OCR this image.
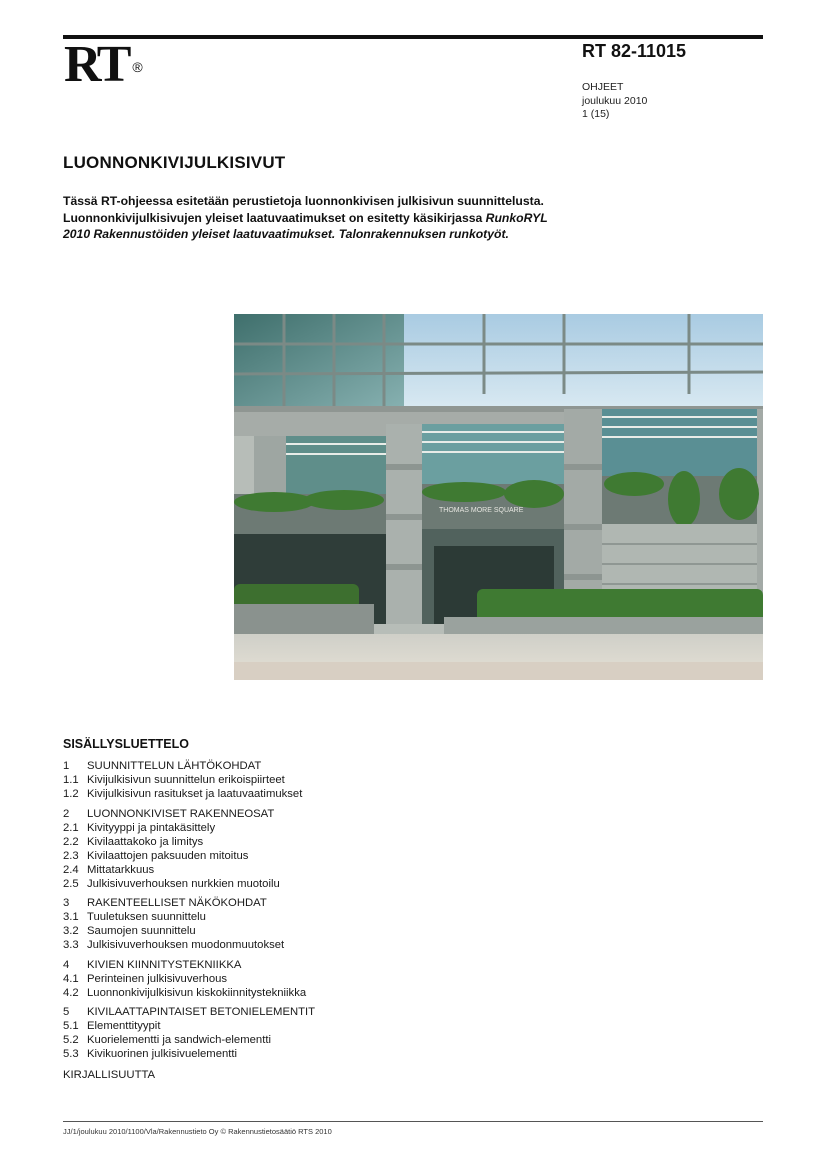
RT ®
RT 82-11015
OHJEET
joulukuu 2010
1 (15)
LUONNONKIVIJULKISIVUT
Tässä RT-ohjeessa esitetään perustietoja luonnonkivisen julkisivun suunnittelusta. Luonnonkivijulkisivujen yleiset laatuvaatimukset on esitetty käsikirjassa RunkoRYL 2010 Rakennustöiden yleiset laatuvaatimukset. Talonrakennuksen runkotyöt.
THOMAS MORE SQUARE
SISÄLLYSLUETTELO
1	SUUNNITTELUN LÄHTÖKOHDAT
1.1 Kivijulkisivun suunnittelun erikoispiirteet
1.2 Kivijulkisivun rasitukset ja laatuvaatimukset
2	LUONNONKIVISET RAKENNEOSAT
2.1 Kivityyppi ja pintakäsittely
2.2 Kivilaattakoko ja limitys
2.3 Kivilaattojen paksuuden mitoitus
2.4 Mittatarkkuus
2.5 Julkisivuverhouksen nurkkien muotoilu
3	RAKENTEELLISET NÄKÖKOHDAT
3.1 Tuuletuksen suunnittelu
3.2 Saumojen suunnittelu
3.3 Julkisivuverhouksen muodonmuutokset
4	KIVIEN KIINNITYSTEKNIIKKA
4.1 Perinteinen julkisivuverhous
4.2 Luonnonkivijulkisivun kiskokiinnitystekniikka
5	KIVILAATTAPINTAISET BETONIELEMENTIT
5.1 Elementtityypit
5.2 Kuorielementti ja sandwich-elementti
5.3 Kivikuorinen julkisivuelementti
KIRJALLISUUTTA
JJ/1/joulukuu 2010/1100/Vla/Rakennustieto Oy © Rakennustietosäätiö RTS 2010
